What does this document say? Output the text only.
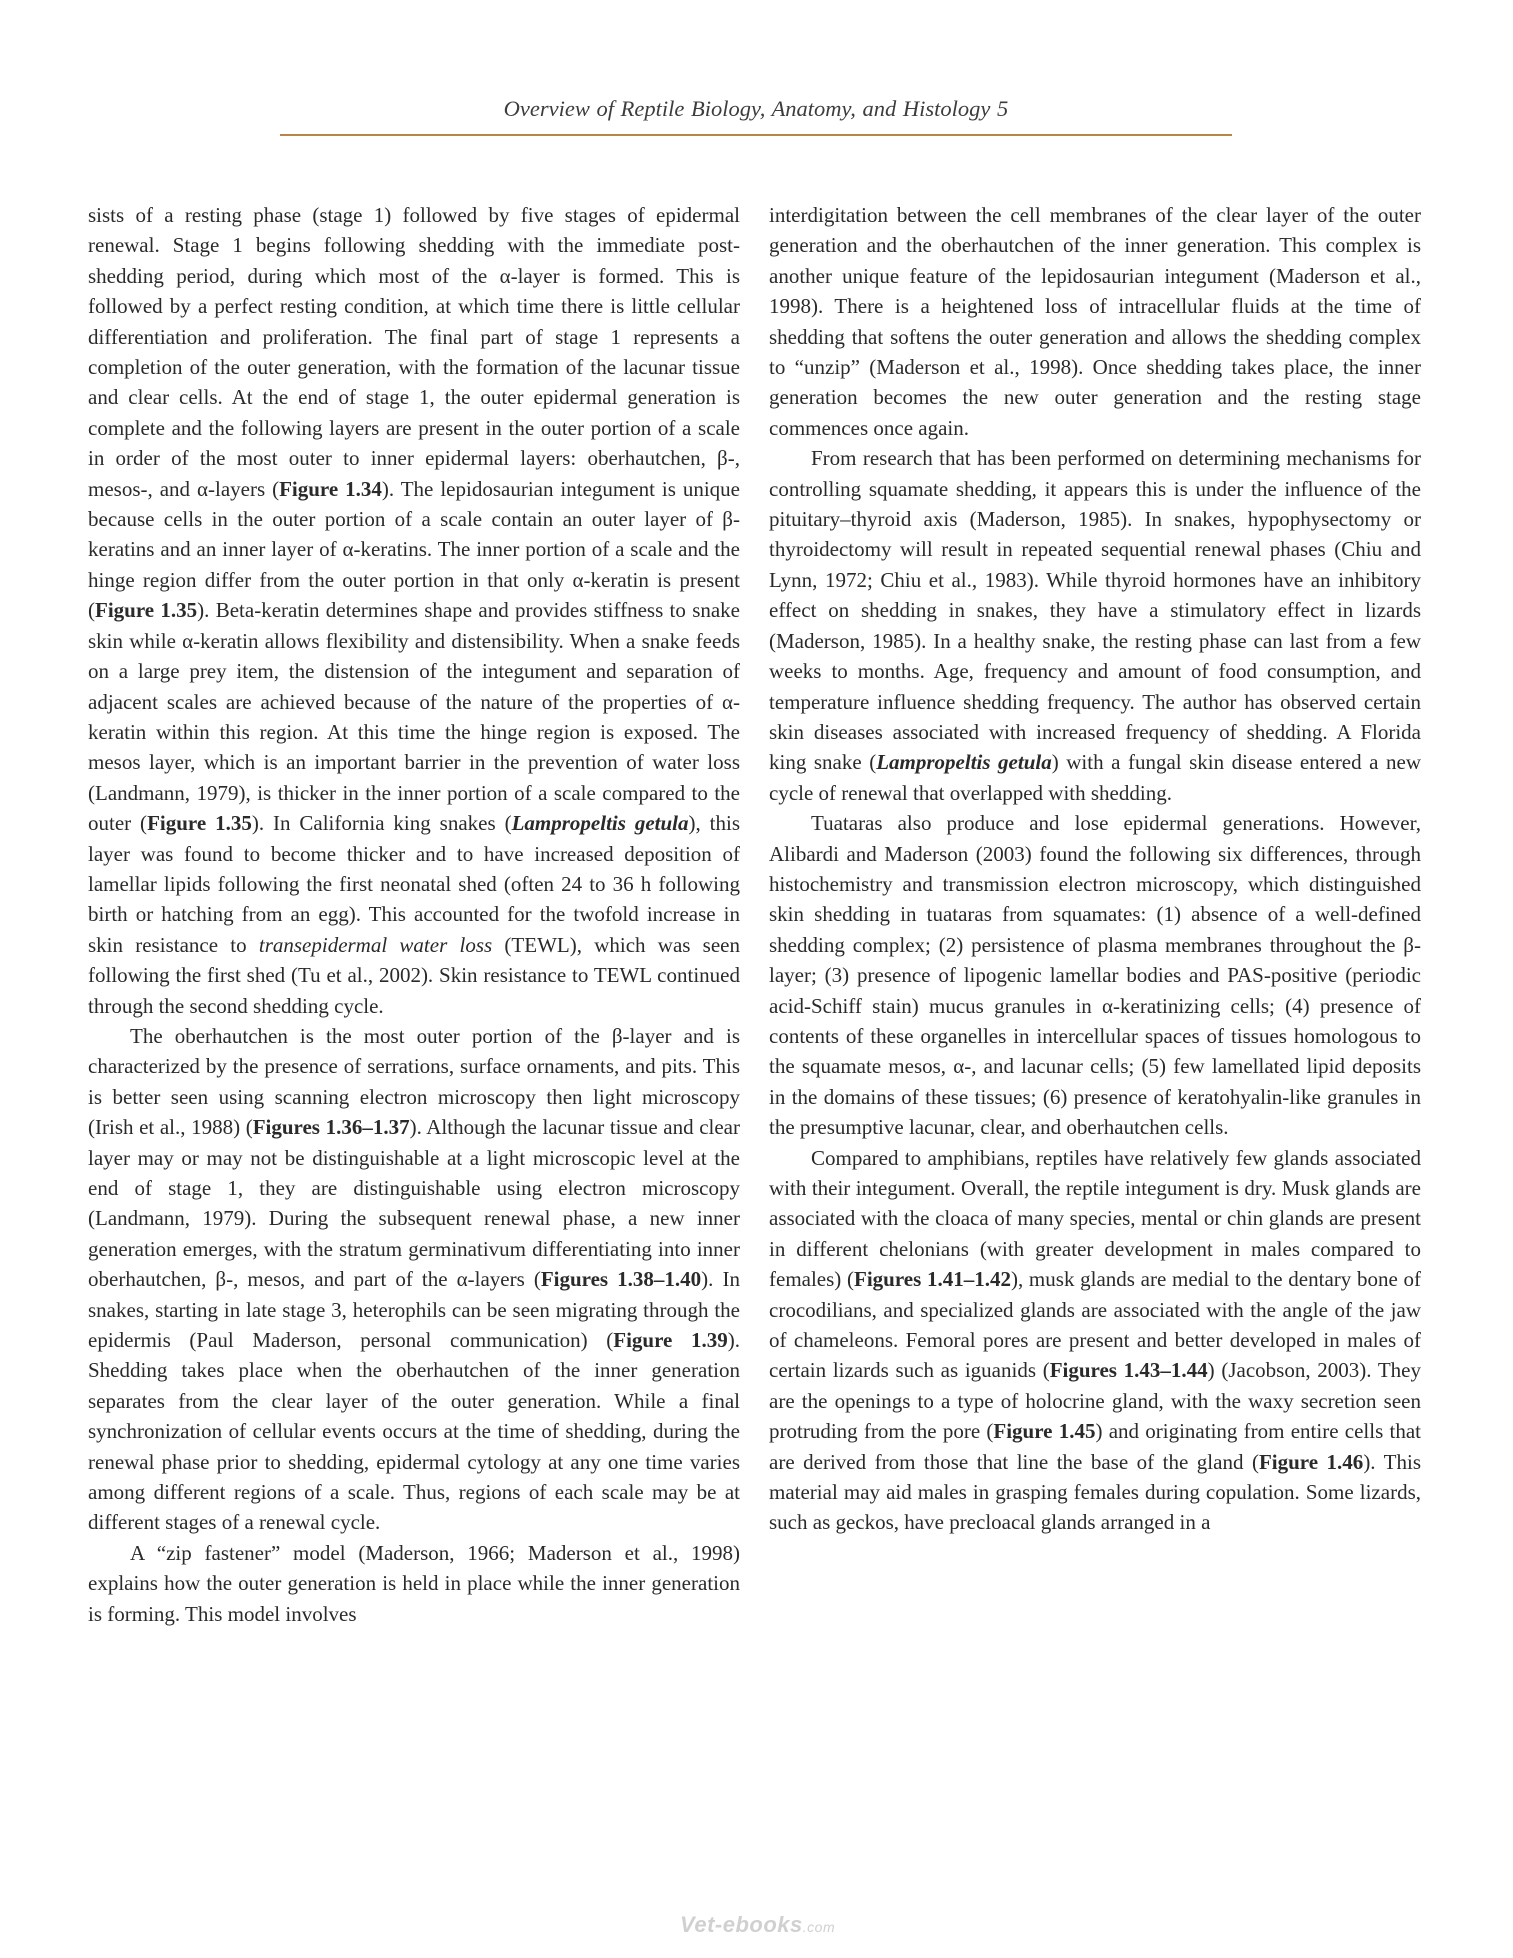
Overview of Reptile Biology, Anatomy, and Histology 5

sists of a resting phase (stage 1) followed by five stages of epidermal renewal. Stage 1 begins following shedding with the immediate post-shedding period, during which most of the α-layer is formed. This is followed by a perfect resting condition, at which time there is little cellular differentiation and proliferation. The final part of stage 1 represents a completion of the outer generation, with the formation of the lacunar tissue and clear cells. At the end of stage 1, the outer epidermal generation is complete and the following layers are present in the outer portion of a scale in order of the most outer to inner epidermal layers: oberhautchen, β-, mesos-, and α-layers (Figure 1.34). The lepidosaurian integument is unique because cells in the outer portion of a scale contain an outer layer of β-keratins and an inner layer of α-keratins. The inner portion of a scale and the hinge region differ from the outer portion in that only α-keratin is present (Figure 1.35). Beta-keratin determines shape and provides stiffness to snake skin while α-keratin allows flexibility and distensibility. When a snake feeds on a large prey item, the distension of the integument and separation of adjacent scales are achieved because of the nature of the properties of α-keratin within this region. At this time the hinge region is exposed. The mesos layer, which is an important barrier in the prevention of water loss (Landmann, 1979), is thicker in the inner portion of a scale compared to the outer (Figure 1.35). In California king snakes (Lampropeltis getula), this layer was found to become thicker and to have increased deposition of lamellar lipids following the first neonatal shed (often 24 to 36 h following birth or hatching from an egg). This accounted for the twofold increase in skin resistance to transepidermal water loss (TEWL), which was seen following the first shed (Tu et al., 2002). Skin resistance to TEWL continued through the second shedding cycle.

The oberhautchen is the most outer portion of the β-layer and is characterized by the presence of serrations, surface ornaments, and pits. This is better seen using scanning electron microscopy then light microscopy (Irish et al., 1988) (Figures 1.36–1.37). Although the lacunar tissue and clear layer may or may not be distinguishable at a light microscopic level at the end of stage 1, they are distinguishable using electron microscopy (Landmann, 1979). During the subsequent renewal phase, a new inner generation emerges, with the stratum germinativum differentiating into inner oberhautchen, β-, mesos, and part of the α-layers (Figures 1.38–1.40). In snakes, starting in late stage 3, heterophils can be seen migrating through the epidermis (Paul Maderson, personal communication) (Figure 1.39). Shedding takes place when the oberhautchen of the inner generation separates from the clear layer of the outer generation. While a final synchronization of cellular events occurs at the time of shedding, during the renewal phase prior to shedding, epidermal cytology at any one time varies among different regions of a scale. Thus, regions of each scale may be at different stages of a renewal cycle.

A “zip fastener” model (Maderson, 1966; Maderson et al., 1998) explains how the outer generation is held in place while the inner generation is forming. This model involves

interdigitation between the cell membranes of the clear layer of the outer generation and the oberhautchen of the inner generation. This complex is another unique feature of the lepidosaurian integument (Maderson et al., 1998). There is a heightened loss of intracellular fluids at the time of shedding that softens the outer generation and allows the shedding complex to “unzip” (Maderson et al., 1998). Once shedding takes place, the inner generation becomes the new outer generation and the resting stage commences once again.

From research that has been performed on determining mechanisms for controlling squamate shedding, it appears this is under the influence of the pituitary–thyroid axis (Maderson, 1985). In snakes, hypophysectomy or thyroidectomy will result in repeated sequential renewal phases (Chiu and Lynn, 1972; Chiu et al., 1983). While thyroid hormones have an inhibitory effect on shedding in snakes, they have a stimulatory effect in lizards (Maderson, 1985). In a healthy snake, the resting phase can last from a few weeks to months. Age, frequency and amount of food consumption, and temperature influence shedding frequency. The author has observed certain skin diseases associated with increased frequency of shedding. A Florida king snake (Lampropeltis getula) with a fungal skin disease entered a new cycle of renewal that overlapped with shedding.

Tuataras also produce and lose epidermal generations. However, Alibardi and Maderson (2003) found the following six differences, through histochemistry and transmission electron microscopy, which distinguished skin shedding in tuataras from squamates: (1) absence of a well-defined shedding complex; (2) persistence of plasma membranes throughout the β-layer; (3) presence of lipogenic lamellar bodies and PAS-positive (periodic acid-Schiff stain) mucus granules in α-keratinizing cells; (4) presence of contents of these organelles in intercellular spaces of tissues homologous to the squamate mesos, α-, and lacunar cells; (5) few lamellated lipid deposits in the domains of these tissues; (6) presence of keratohyalin-like granules in the presumptive lacunar, clear, and oberhautchen cells.

Compared to amphibians, reptiles have relatively few glands associated with their integument. Overall, the reptile integument is dry. Musk glands are associated with the cloaca of many species, mental or chin glands are present in different chelonians (with greater development in males compared to females) (Figures 1.41–1.42), musk glands are medial to the dentary bone of crocodilians, and specialized glands are associated with the angle of the jaw of chameleons. Femoral pores are present and better developed in males of certain lizards such as iguanids (Figures 1.43–1.44) (Jacobson, 2003). They are the openings to a type of holocrine gland, with the waxy secretion seen protruding from the pore (Figure 1.45) and originating from entire cells that are derived from those that line the base of the gland (Figure 1.46). This material may aid males in grasping females during copulation. Some lizards, such as geckos, have precloacal glands arranged in a

Vet-ebooks.com
